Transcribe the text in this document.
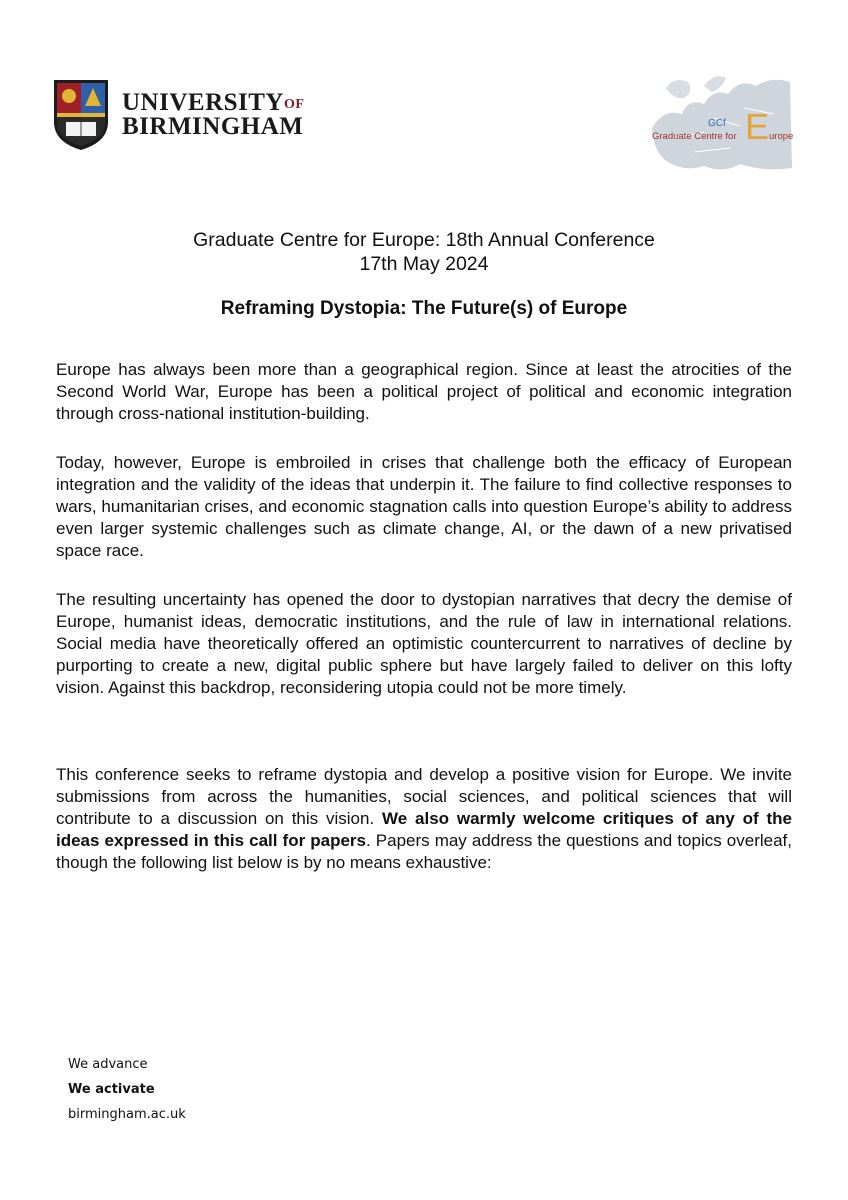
$UNIVERSITY^{OF}$
BIRMINGHAM	GCf
Graduate Centre for E urope
Graduate Centre for Europe: 18th Annual Conference
17th May 2024
Reframing Dystopia: The Future(s) of Europe
Europe has always been more than a geographical region. Since at least the atrocities of the Second World War, Europe has been a political project of political and economic integration through cross-national institution-building.
Today, however, Europe is embroiled in crises that challenge both the efficacy of European integration and the validity of the ideas that underpin it. The failure to find collective responses to wars, humanitarian crises, and economic stagnation calls into question Europe’s ability to address even larger systemic challenges such as climate change, AI, or the dawn of a new privatised space race.
The resulting uncertainty has opened the door to dystopian narratives that decry the demise of Europe, humanist ideas, democratic institutions, and the rule of law in international relations. Social media have theoretically offered an optimistic countercurrent to narratives of decline by purporting to create a new, digital public sphere but have largely failed to deliver on this lofty vision. Against this backdrop, reconsidering utopia could not be more timely.
This conference seeks to reframe dystopia and develop a positive vision for Europe. We invite submissions from across the humanities, social sciences, and political sciences that will contribute to a discussion on this vision. We also warmly welcome critiques of any of the ideas expressed in this call for papers. Papers may address the questions and topics overleaf, though the following list below is by no means exhaustive:
We advance
We activate
birmingham.ac.uk
